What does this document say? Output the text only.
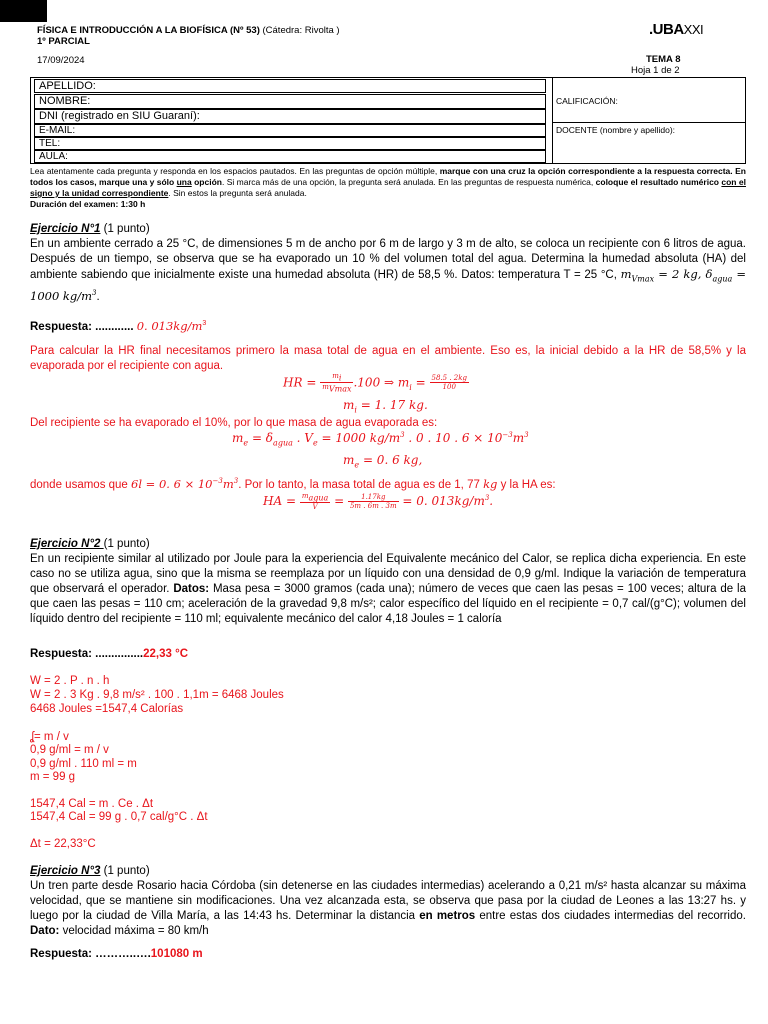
FÍSICA E INTRODUCCIÓN A LA BIOFÍSICA (Nº 53) (Cátedra: Rivolta )
1º PARCIAL
.UBAXXI
17/09/2024	TEMA 8
Hoja 1 de 2
APELLIDO:
NOMBRE:
DNI (registrado en SIU Guaraní):
E-MAIL:
TEL:
AULA:
CALIFICACIÓN:
DOCENTE (nombre y apellido):
Lea atentamente cada pregunta y responda en los espacios pautados. En las preguntas de opción múltiple, marque con una cruz la opción correspondiente a la respuesta correcta. En todos los casos, marque una y sólo una opción. Si marca más de una opción, la pregunta será anulada. En las preguntas de respuesta numérica, coloque el resultado numérico con el signo y la unidad correspondiente. Sin estos la pregunta será anulada.
Duración del examen: 1:30 h
Ejercicio N°1 (1 punto)
En un ambiente cerrado a 25 °C, de dimensiones 5 m de ancho por 6 m de largo y 3 m de alto, se coloca un recipiente con 6 litros de agua. Después de un tiempo, se observa que se ha evaporado un 10 % del volumen total del agua. Determina la humedad absoluta (HA) del ambiente sabiendo que inicialmente existe una humedad absoluta (HR) de 58,5 %. Datos: temperatura T = 25 °C, $m_{Vmax} = 2$ kg, $\delta_{agua} = 1000$ $kg/m^3$.
Respuesta: ............ 0. $013kg/m^3$
Para calcular la HR final necesitamos primero la masa total de agua en el ambiente. Eso es, la inicial debido a la HR de 58,5% y la evaporada por el recipiente con agua.
HR = $\frac{m_i}{m_{Vmax}} .100$ ⇒ $m_i = \frac{58.5 . 2kg}{100}$
$m_i = 1$. 17 kg.
Del recipiente se ha evaporado el 10%, por lo que masa de agua evaporada es:
$m_e = \delta_{agua}$ . $V_e = 1000$ $kg/m^3$ . 0 . 10 . $6 \times 10^{-3}m^3$
$m_e = 0$. 6 kg,
donde usamos que 6l = 0. $6 \times 10^{-3}m^3$. Por lo tanto, la masa total de agua es de 1, 77 kg y la HA es:
HA = $\frac{m_{agua}}{V} = \frac{1.17kg}{5m . 6m . 3m} = 0$. $013kg/m^3$.
Ejercicio N°2 (1 punto)
En un recipiente similar al utilizado por Joule para la experiencia del Equivalente mecánico del Calor, se replica dicha experiencia. En este caso no se utiliza agua, sino que la misma se reemplaza por un líquido con una densidad de 0,9 g/ml. Indique la variación de temperatura que observará el operador. Datos: Masa pesa = 3000 gramos (cada una); número de veces que caen las pesas = 100 veces; altura de la que caen las pesas = 110 cm; aceleración de la gravedad 9,8 m/s²; calor específico del líquido en el recipiente = 0,7 cal/(g°C); volumen del líquido dentro del recipiente = 110 ml; equivalente mecánico del calor 4,18 Joules = 1 caloría
Respuesta: ...............22,33 °C
W = 2 . P . n . h
W = 2 . 3 Kg . 9,8 m/s² . 100 . 1,1m = 6468 Joules
6468 Joules =1547,4 Calorías
ʆ= m / v
0,9 g/ml = m / v
0,9 g/ml . 110 ml = m
m = 99 g
1547,4 Cal = m . Ce . Δt
1547,4 Cal = 99 g . 0,7 cal/g°C . Δt
Δt = 22,33°C
Ejercicio N°3 (1 punto)
Un tren parte desde Rosario hacia Córdoba (sin detenerse en las ciudades intermedias) acelerando a 0,21 m/s² hasta alcanzar su máxima velocidad, que se mantiene sin modificaciones. Una vez alcanzada esta, se observa que pasa por la ciudad de Leones a las 13:27 hs. y luego por la ciudad de Villa María, a las 14:43 hs. Determinar la distancia en metros entre estas dos ciudades intermedias del recorrido. Dato: velocidad máxima = 80 km/h
Respuesta: ………..….101080 m
